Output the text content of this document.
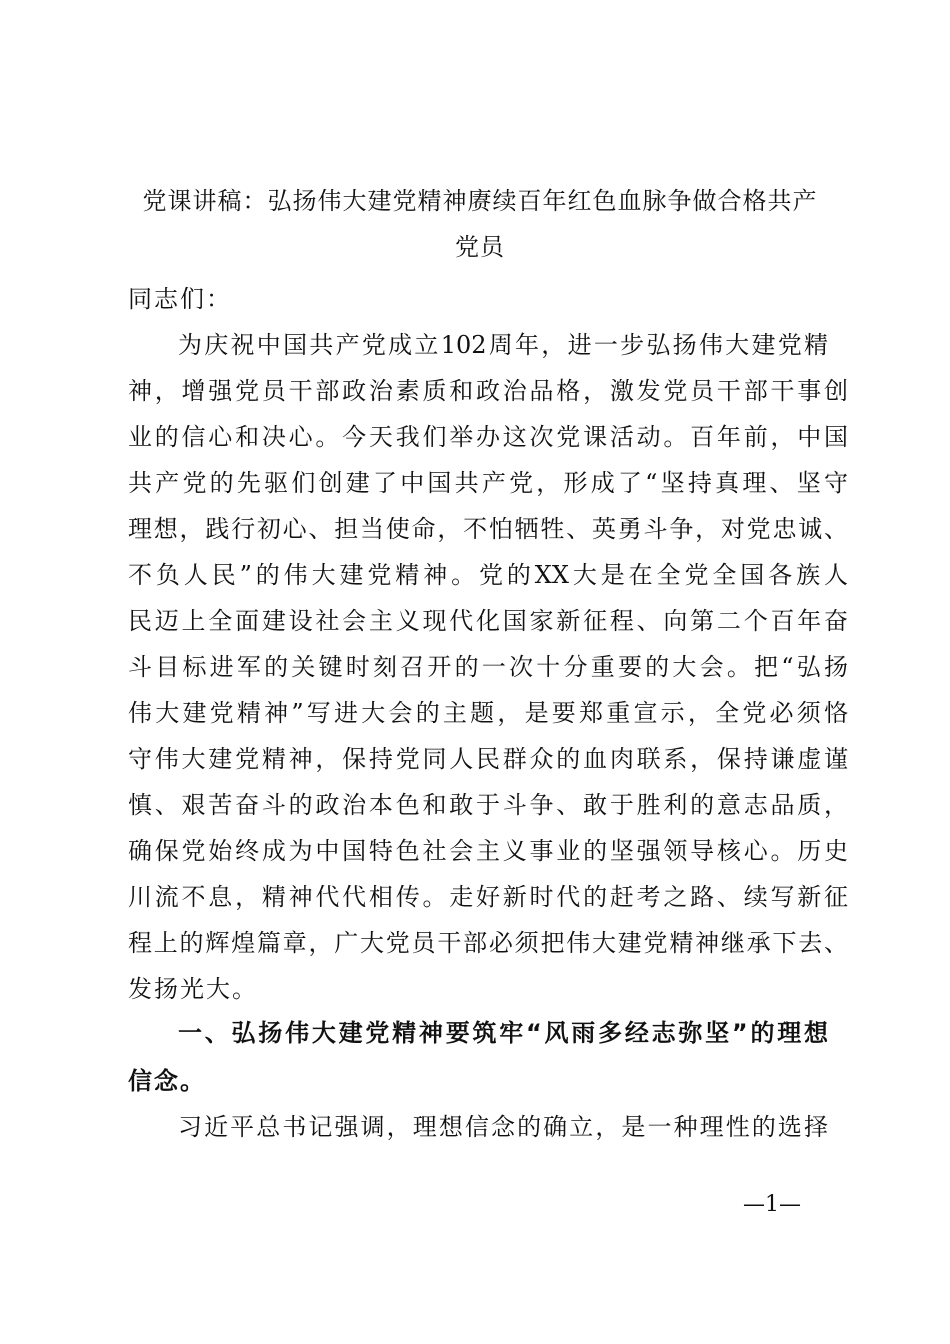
党课讲稿：弘扬伟大建党精神赓续百年红色血脉争做合格共产
党员
同志们：
为庆祝中国共产党成立102周年，进一步弘扬伟大建党精
神，增强党员干部政治素质和政治品格，激发党员干部干事创
业的信心和决心。今天我们举办这次党课活动。百年前，中国
共产党的先驱们创建了中国共产党，形成了“坚持真理、坚守
理想，践行初心、担当使命，不怕牺牲、英勇斗争，对党忠诚、
不负人民”的伟大建党精神。党的XX大是在全党全国各族人
民迈上全面建设社会主义现代化国家新征程、向第二个百年奋
斗目标进军的关键时刻召开的一次十分重要的大会。把“弘扬
伟大建党精神”写进大会的主题，是要郑重宣示，全党必须恪
守伟大建党精神，保持党同人民群众的血肉联系，保持谦虚谨
慎、艰苦奋斗的政治本色和敢于斗争、敢于胜利的意志品质，
确保党始终成为中国特色社会主义事业的坚强领导核心。历史
川流不息，精神代代相传。走好新时代的赶考之路、续写新征
程上的辉煌篇章，广大党员干部必须把伟大建党精神继承下去、
发扬光大。
一、弘扬伟大建党精神要筑牢“风雨多经志弥坚”的理想
信念。
习近平总书记强调，理想信念的确立，是一种理性的选择
—1—
